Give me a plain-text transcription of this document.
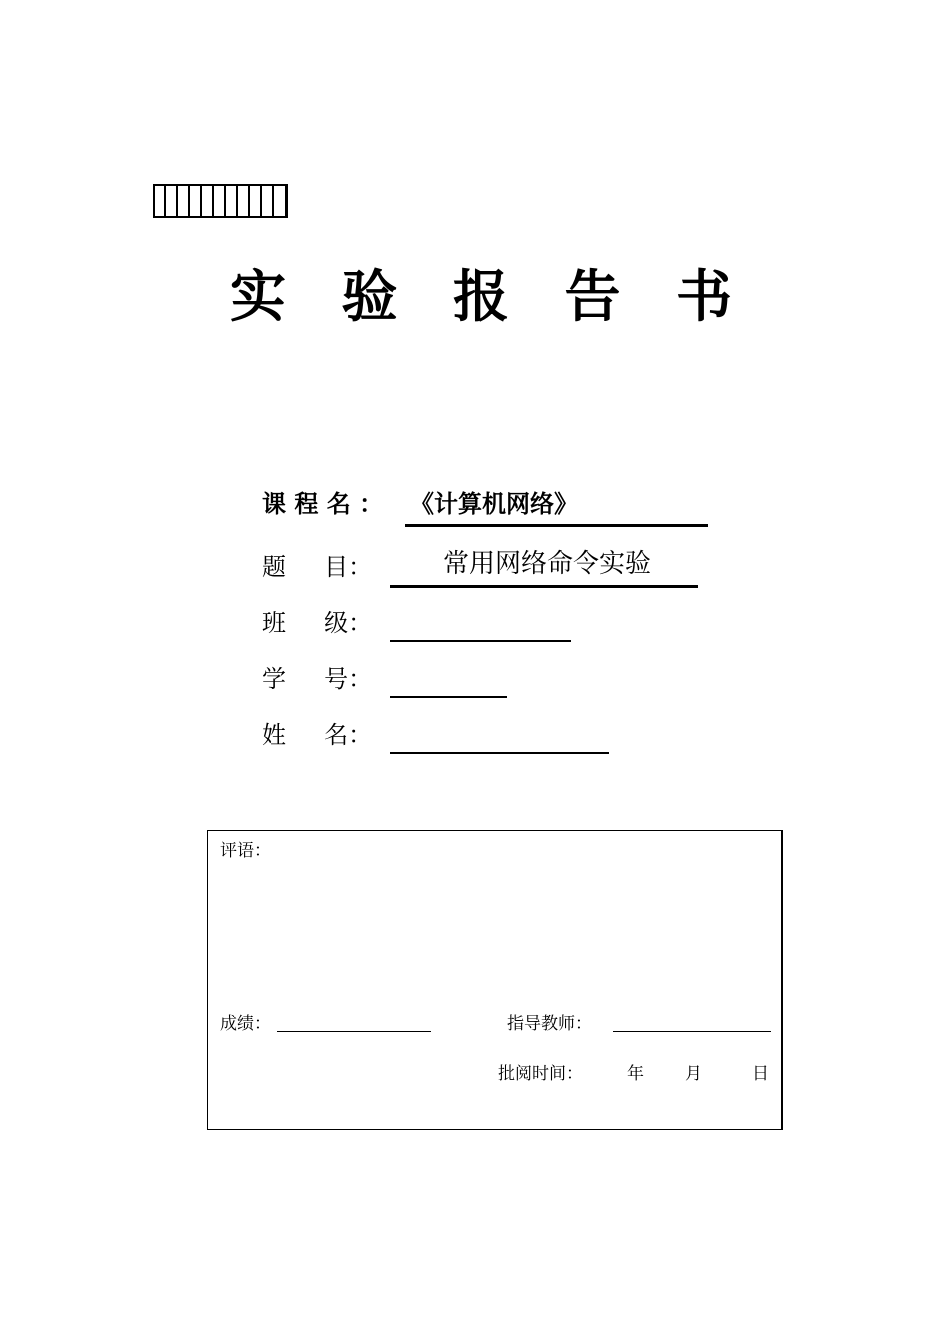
实 验 报 告 书
课 程 名 ： 《计算机网络》
题     目：	常用网络命令实验
班     级：
学     号：
姓     名：
评语：
成绩：	指导教师：
批阅时间：	年 月	日
